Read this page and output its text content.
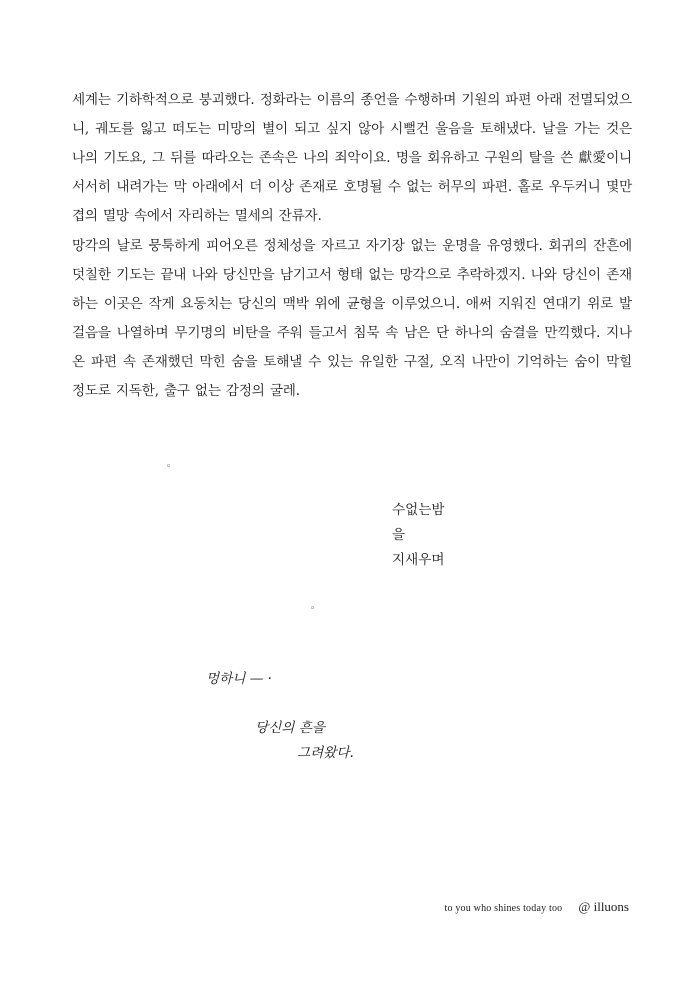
세계는 기하학적으로 붕괴했다. 정화라는 이름의 종언을 수행하며 기원의 파편 아래 전멸되었으니, 궤도를 잃고 떠도는 미망의 별이 되고 싶지 않아 시뻘건 울음을 토해냈다. 날을 가는 것은 나의 기도요, 그 뒤를 따라오는 존속은 나의 죄악이요. 명을 회유하고 구원의 탈을 쓴 獻愛이니 서서히 내려가는 막 아래에서 더 이상 존재로 호명될 수 없는 허무의 파편. 홀로 우두커니 몇만 겹의 멸망 속에서 자리하는 멸세의 잔류자.

망각의 날로 뭉툭하게 피어오른 정체성을 자르고 자기장 없는 운명을 유영했다. 회귀의 잔흔에 덧칠한 기도는 끝내 나와 당신만을 남기고서 형태 없는 망각으로 추락하겠지. 나와 당신이 존재하는 이곳은 작게 요동치는 당신의 맥박 위에 균형을 이루었으니. 애써 지워진 연대기 위로 발걸음을 나열하며 무기명의 비탄을 주워 들고서 침묵 속 남은 단 하나의 숨결을 만끽했다. 지나온 파편 속 존재했던 막힌 숨을 토해낼 수 있는 유일한 구절, 오직 나만이 기억하는 숨이 막힐 정도로 지독한, 출구 없는 감정의 굴레.

◦
수없는밤
을
지새우며
◦
멍하니 — ·
당신의 흔을
그려왔다.
to you who shines today too @ illuons
